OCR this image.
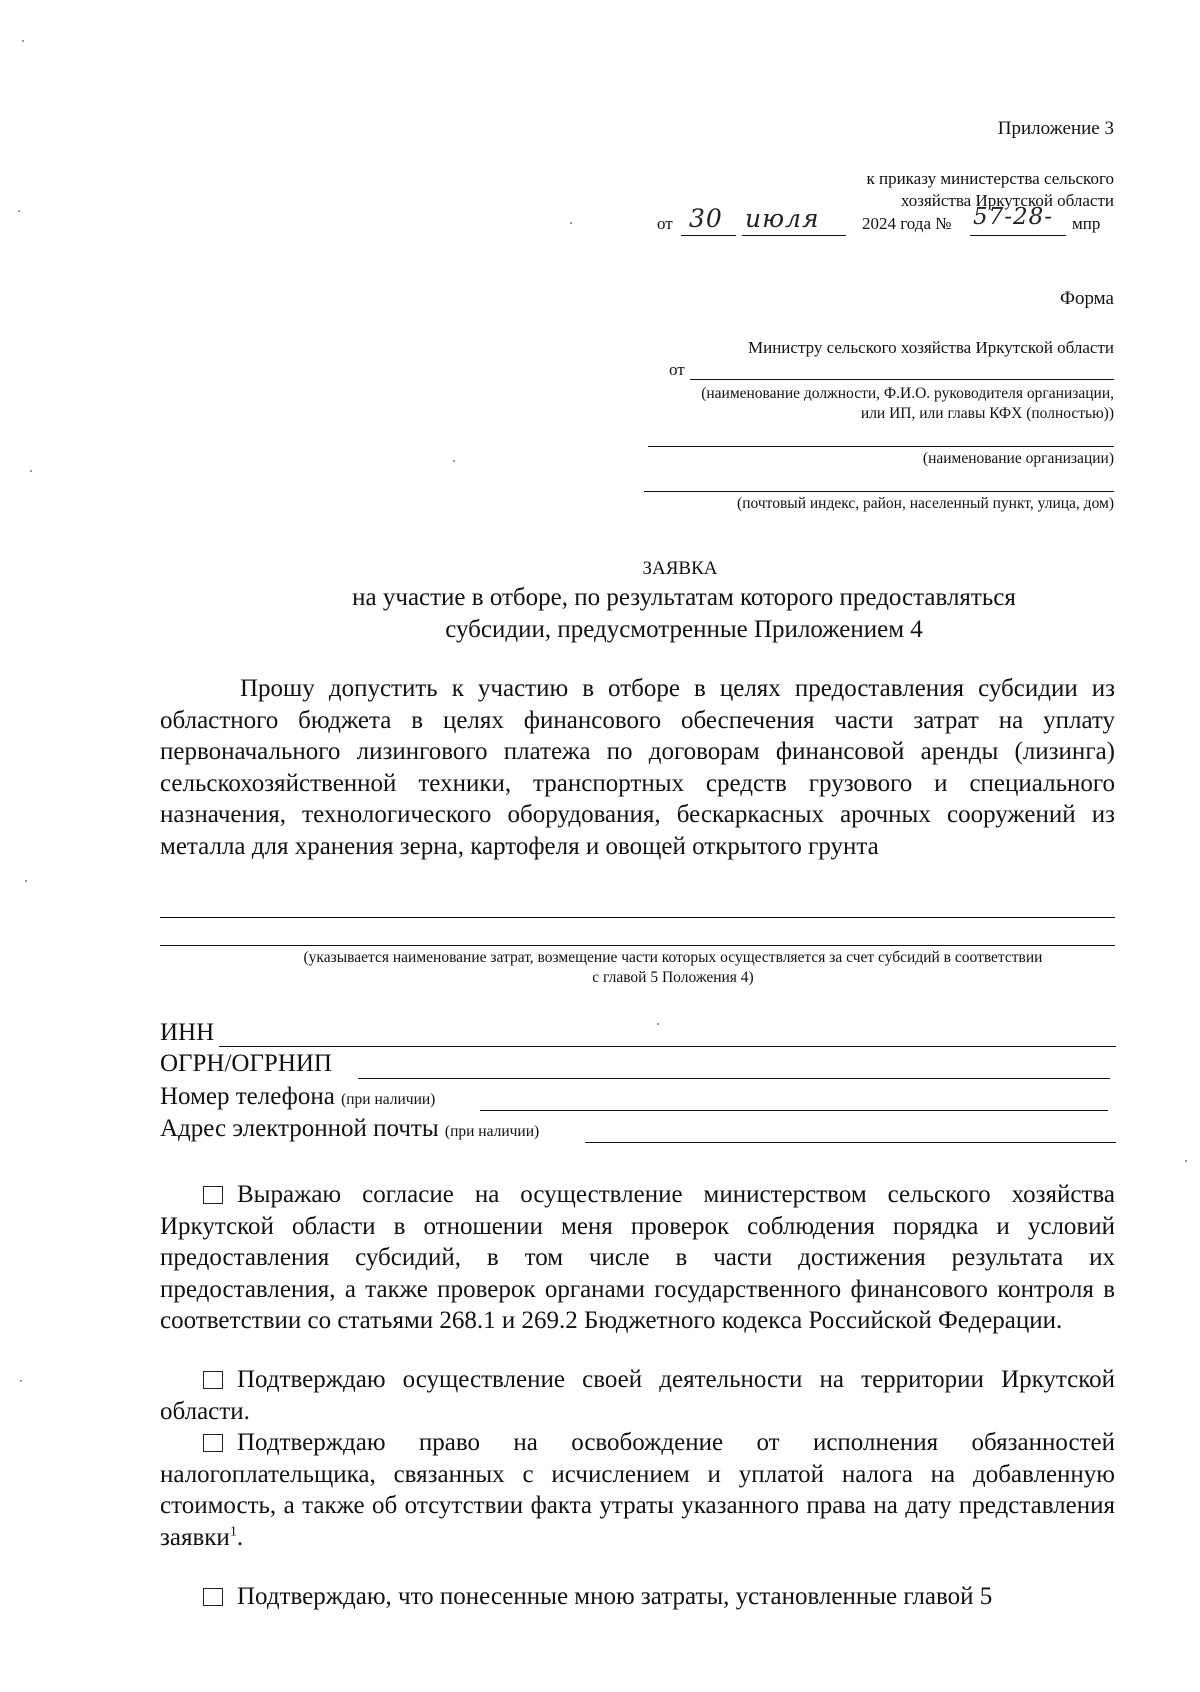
Приложение 3
к приказу министерства сельского
хозяйства Иркутской области
от 30 июля 2024 года № 57-28- мпр
Форма
Министру сельского хозяйства Иркутской области
от
(наименование должности, Ф.И.О. руководителя организации,
или ИП, или главы КФХ (полностью))
(наименование организации)
(почтовый индекс, район, населенный пункт, улица, дом)
ЗАЯВКА
на участие в отборе, по результатам которого предоставляться
субсидии, предусмотренные Приложением 4
Прошу допустить к участию в отборе в целях предоставления субсидии из областного бюджета в целях финансового обеспечения части затрат на уплату первоначального лизингового платежа по договорам финансовой аренды (лизинга) сельскохозяйственной техники, транспортных средств грузового и специального назначения, технологического оборудования, бескаркасных арочных сооружений из металла для хранения зерна, картофеля и овощей открытого грунта
(указывается наименование затрат, возмещение части которых осуществляется за счет субсидий в соответствии
с главой 5 Положения 4)
ИНН
ОГРН/ОГРНИП
Номер телефона (при наличии)
Адрес электронной почты (при наличии)
Выражаю согласие на осуществление министерством сельского хозяйства Иркутской области в отношении меня проверок соблюдения порядка и условий предоставления субсидий, в том числе в части достижения результата их предоставления, а также проверок органами государственного финансового контроля в соответствии со статьями 268.1 и 269.2 Бюджетного кодекса Российской Федерации.
Подтверждаю осуществление своей деятельности на территории Иркутской области.
Подтверждаю право на освобождение от исполнения обязанностей налогоплательщика, связанных с исчислением и уплатой налога на добавленную стоимость, а также об отсутствии факта утраты указанного права на дату представления заявки$^1$.
Подтверждаю, что понесенные мною затраты, установленные главой 5
